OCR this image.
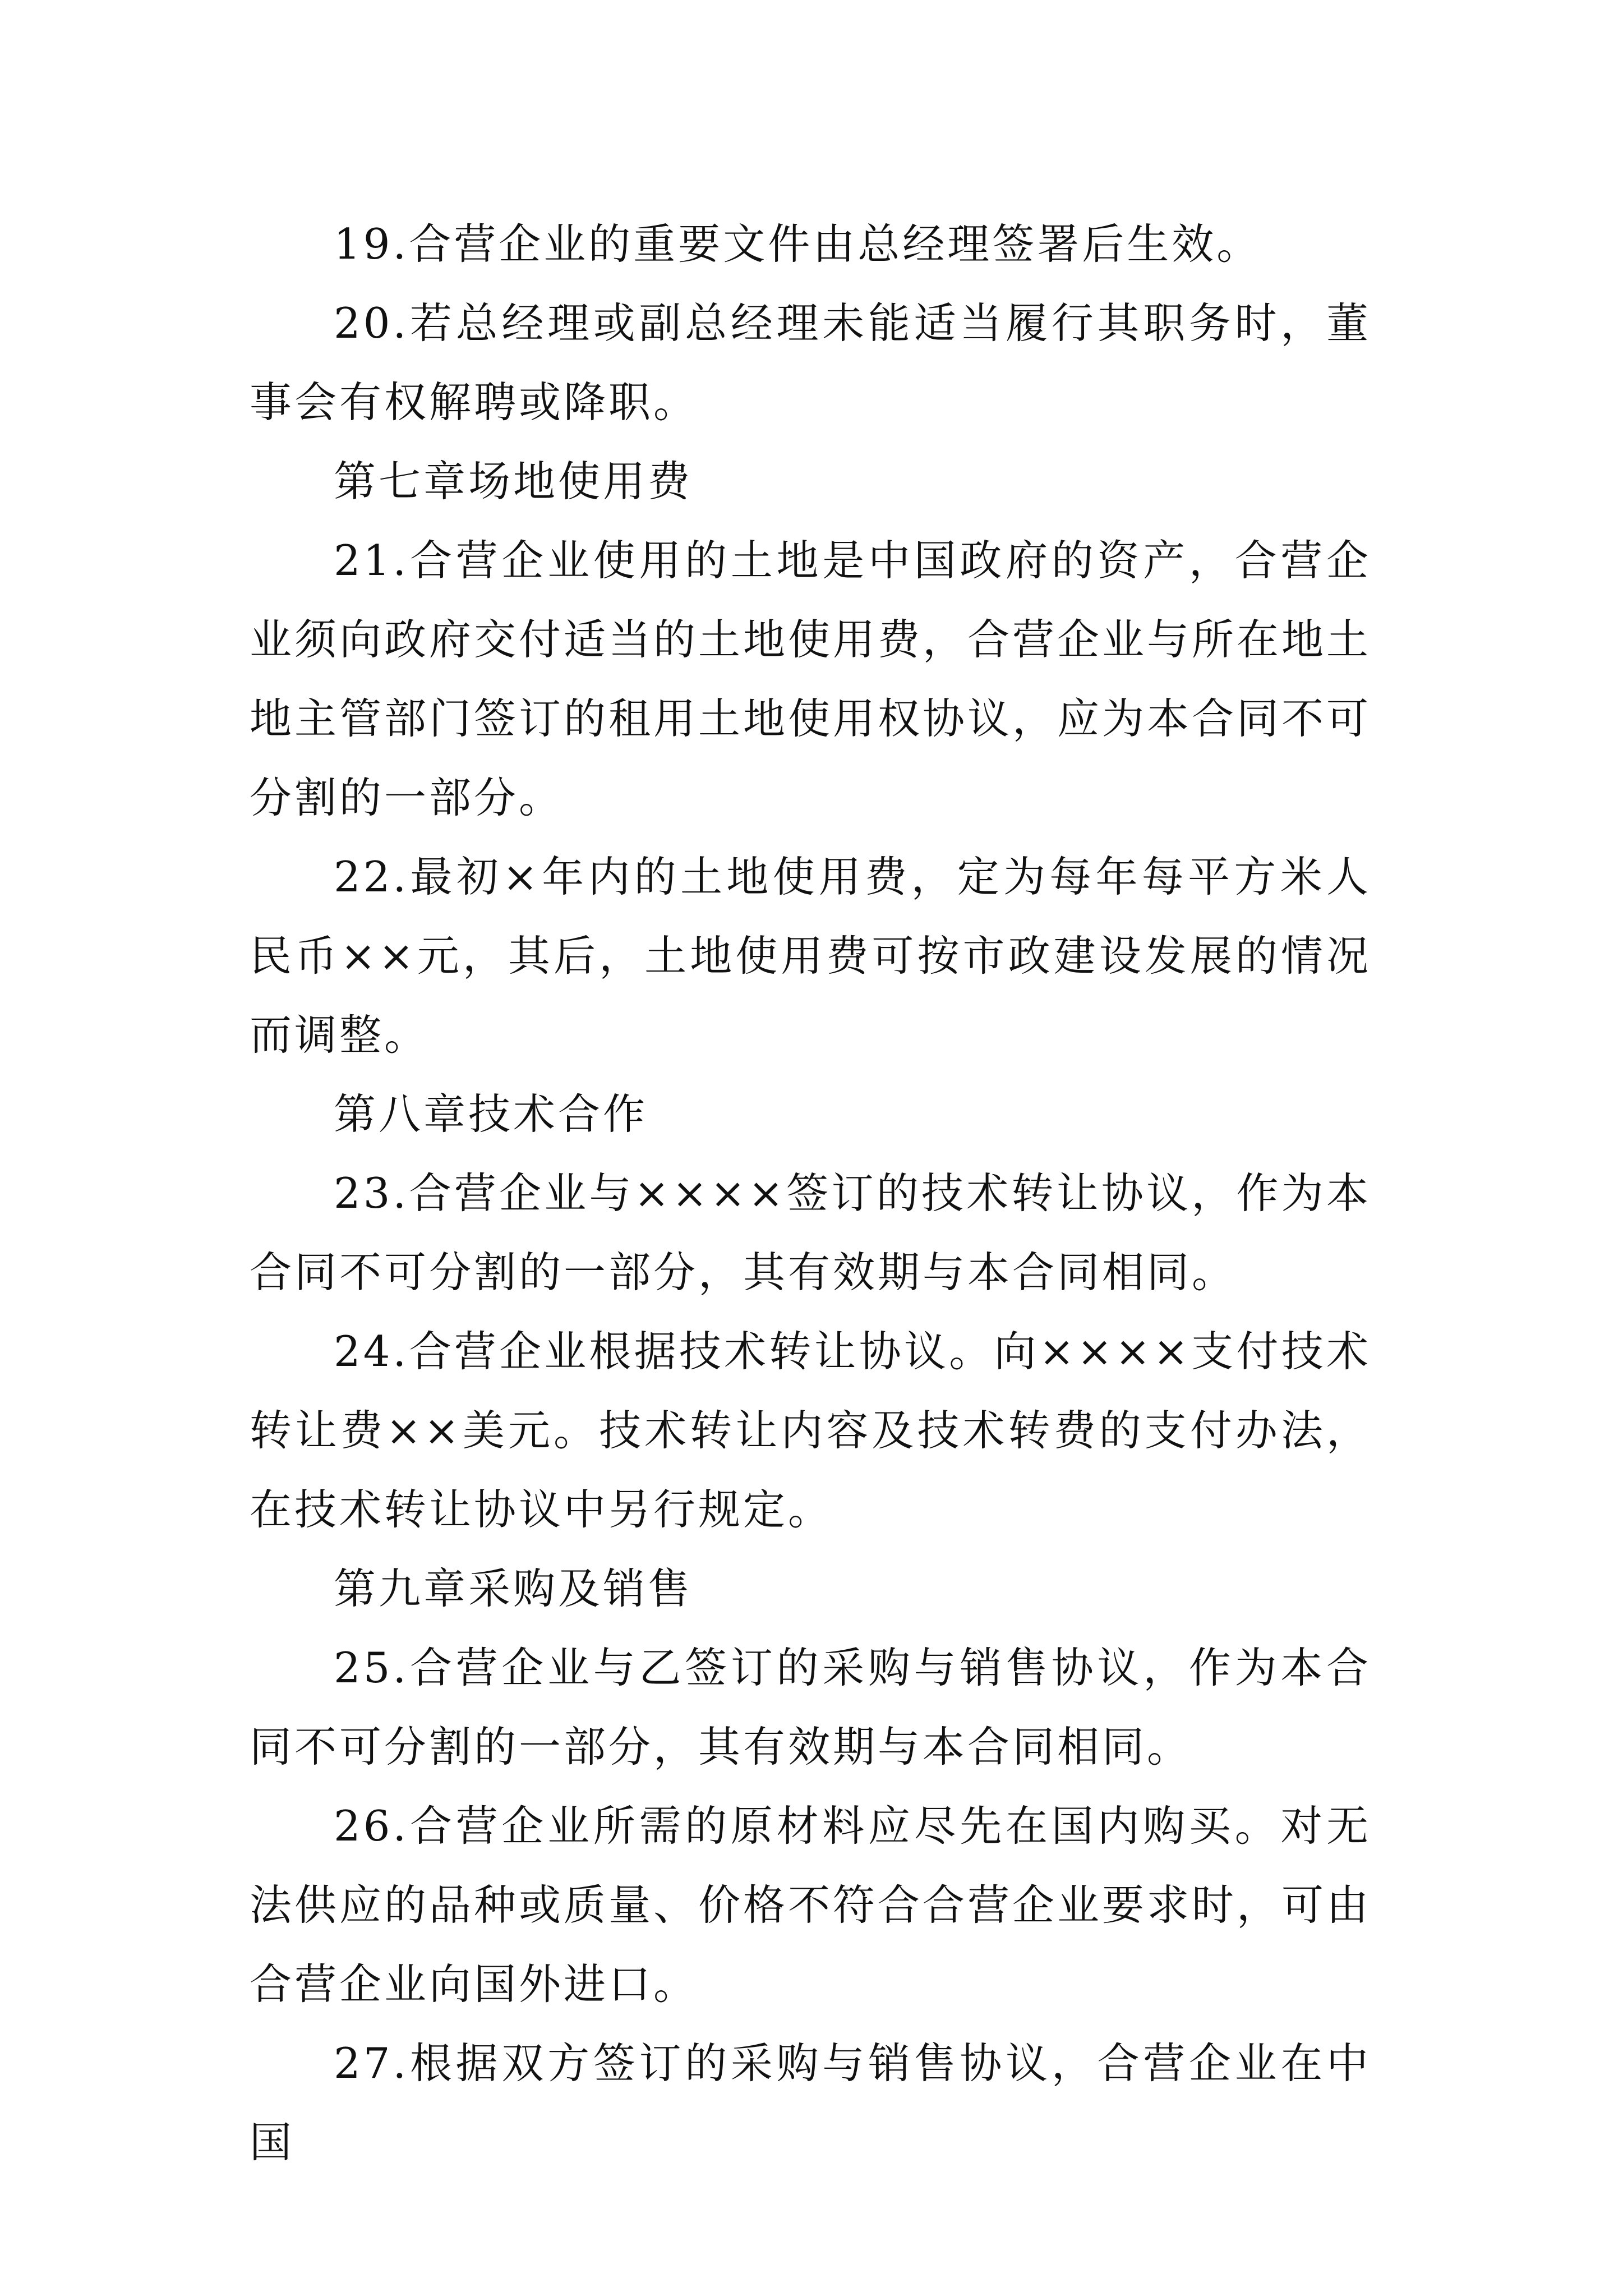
19.合营企业的重要文件由总经理签署后生效。

20.若总经理或副总经理未能适当履行其职务时，董事会有权解聘或降职。

第七章场地使用费

21.合营企业使用的土地是中国政府的资产，合营企业须向政府交付适当的土地使用费，合营企业与所在地土地主管部门签订的租用土地使用权协议，应为本合同不可分割的一部分。

22.最初×年内的土地使用费，定为每年每平方米人民币××元，其后，土地使用费可按市政建设发展的情况而调整。

第八章技术合作

23.合营企业与××××签订的技术转让协议，作为本合同不可分割的一部分，其有效期与本合同相同。

24.合营企业根据技术转让协议。向××××支付技术转让费××美元。技术转让内容及技术转费的支付办法，在技术转让协议中另行规定。

第九章采购及销售

25.合营企业与乙签订的采购与销售协议，作为本合同不可分割的一部分，其有效期与本合同相同。

26.合营企业所需的原材料应尽先在国内购买。对无法供应的品种或质量、价格不符合合营企业要求时，可由合营企业向国外进口。

27.根据双方签订的采购与销售协议，合营企业在中国
